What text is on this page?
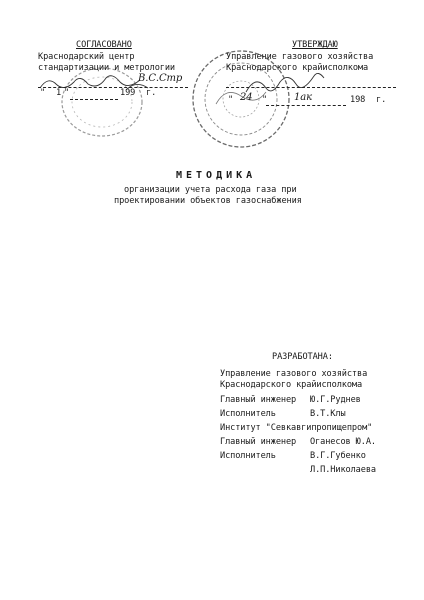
СОГЛАСОВАНО
Краснодарский центр
стандартизации и метрологии
В.С.Стр
" 1 "	199 г.
УТВЕРЖДАЮ
Управление газового хозяйства
Краснодарского крайисполкома
" 24 "	1ак	198 г.
МЕТОДИКА
организации учета расхода газа при
проектировании объектов газоснабжения
РАЗРАБОТАНА:
Управление газового хозяйства
Краснодарского крайисполкома
Главный инженер Ю.Г.Руднев
Исполнитель	В.Т.Клы
Институт "Севкавгипропищепром"
Главный инженер Оганесов Ю.А.
Исполнитель	В.Г.Губенко
Л.П.Николаева
